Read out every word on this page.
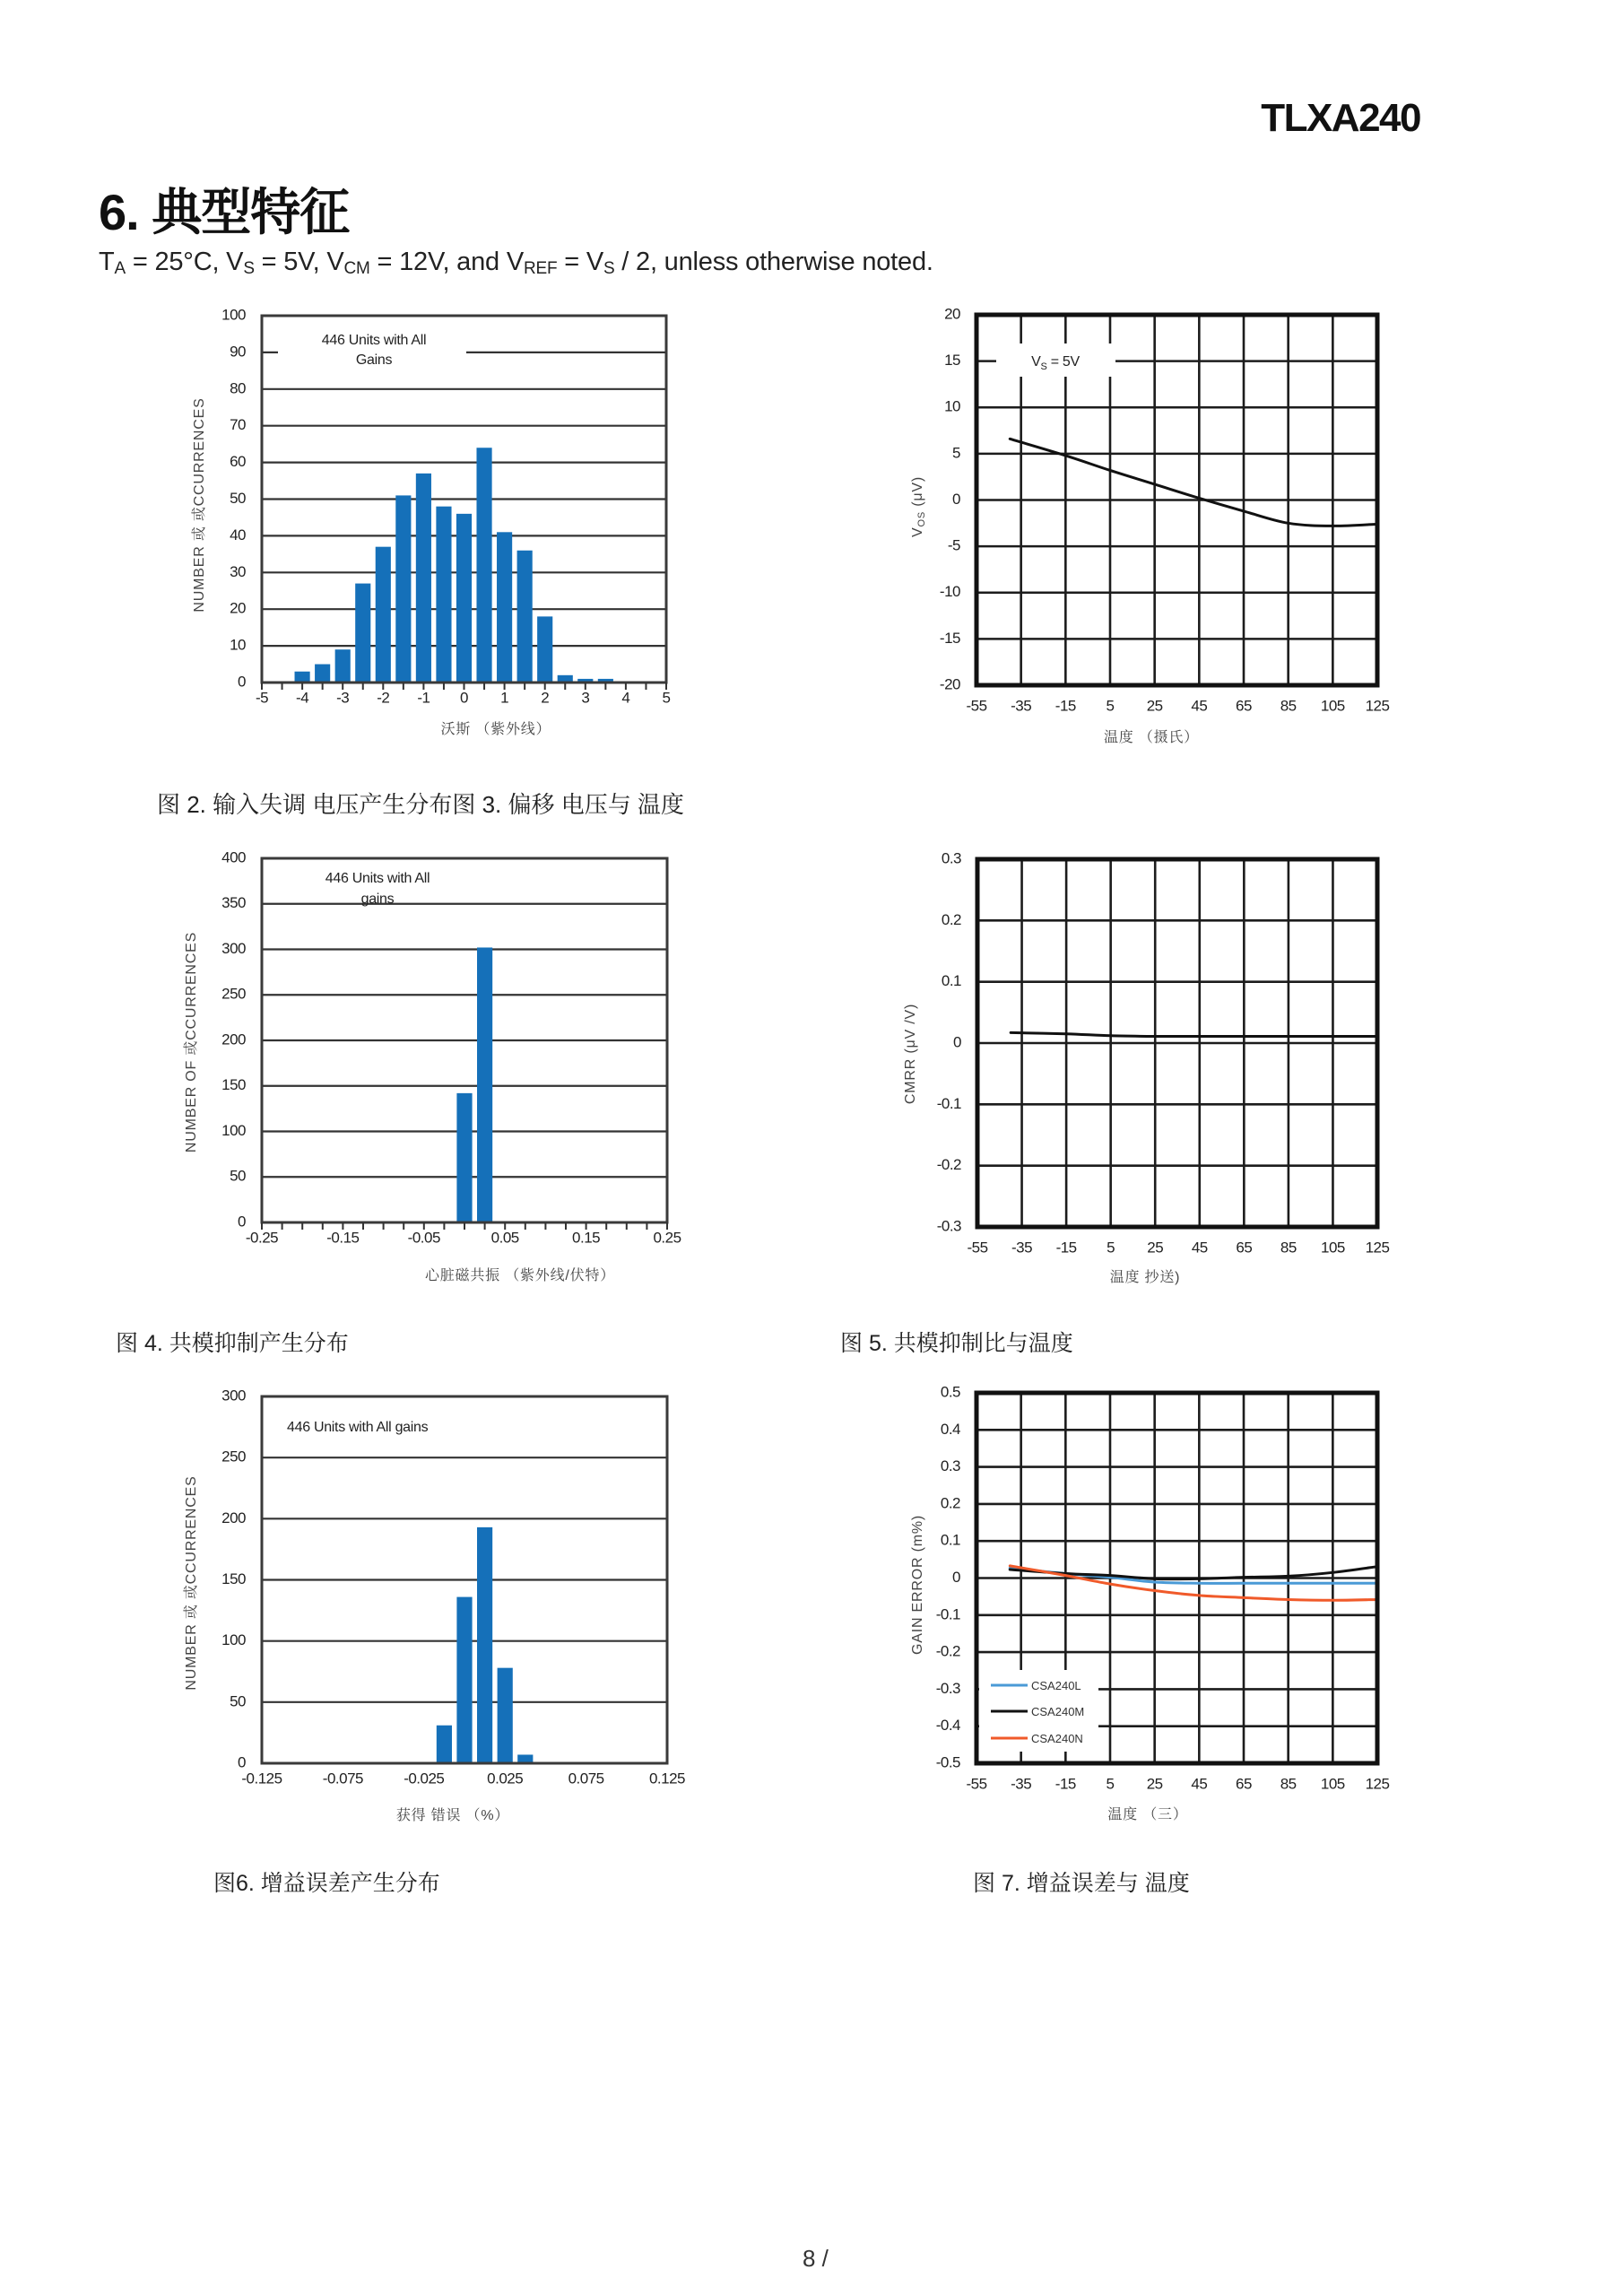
TLXA240
6. 典型特征
$T_A = 25^\circ C$, $V_S = 5V$, $V_{CM} = 12V$, and $V_{REF} = V_S / 2$, unless otherwise noted.
446 Units with All
Gains
-5 -4 -3 -2 -1 0 1 2 3 4 5
0
10
20
30
40
50
60
70
80
90
100
沃斯 （紫外线）
NUMBER 或 或CCURRENCES
$V_S = 5V$
-55 -35 -15 5 25 45 65 85 105 125
-20
-15
-10
-5
0
5
10
15
20
温度 （摄氏）
$V_{OS}$ (μV)
446 Units with All
gains
-0.25	-0.15	-0.05	0.05	0.15	0.25
0
50
100
150
200
250
300
350
400
心脏磁共振 （紫外线/伏特）
NUMBER OF 或CCURRENCES
-55 -35 -15 5 25 45 65 85 105 125
-0.3
-0.2
-0.1
0
0.1
0.2
0.3
温度 抄送)
CMRR (μV /V)
446 Units with All gains
-0.125	-0.075	-0.025	0.025	0.075	0.125
0
50
100
150
200
250
300
获得 错误 （%）
NUMBER 或 或CCURRENCES	CSA240L
CSA240M
CSA240N
-55 -35 -15 5 25 45 65 85 105 125
-0.5
-0.4
-0.3
-0.2
-0.1
0
0.1
0.2
0.3
0.4
0.5
温度 （三）
GAIN ERROR (m%)
图 2. 输入失调 电压产生分布图 3. 偏移 电压与 温度
图 4. 共模抑制产生分布	图 5. 共模抑制比与温度
图6. 增益误差产生分布	图 7. 增益误差与 温度
8 /
